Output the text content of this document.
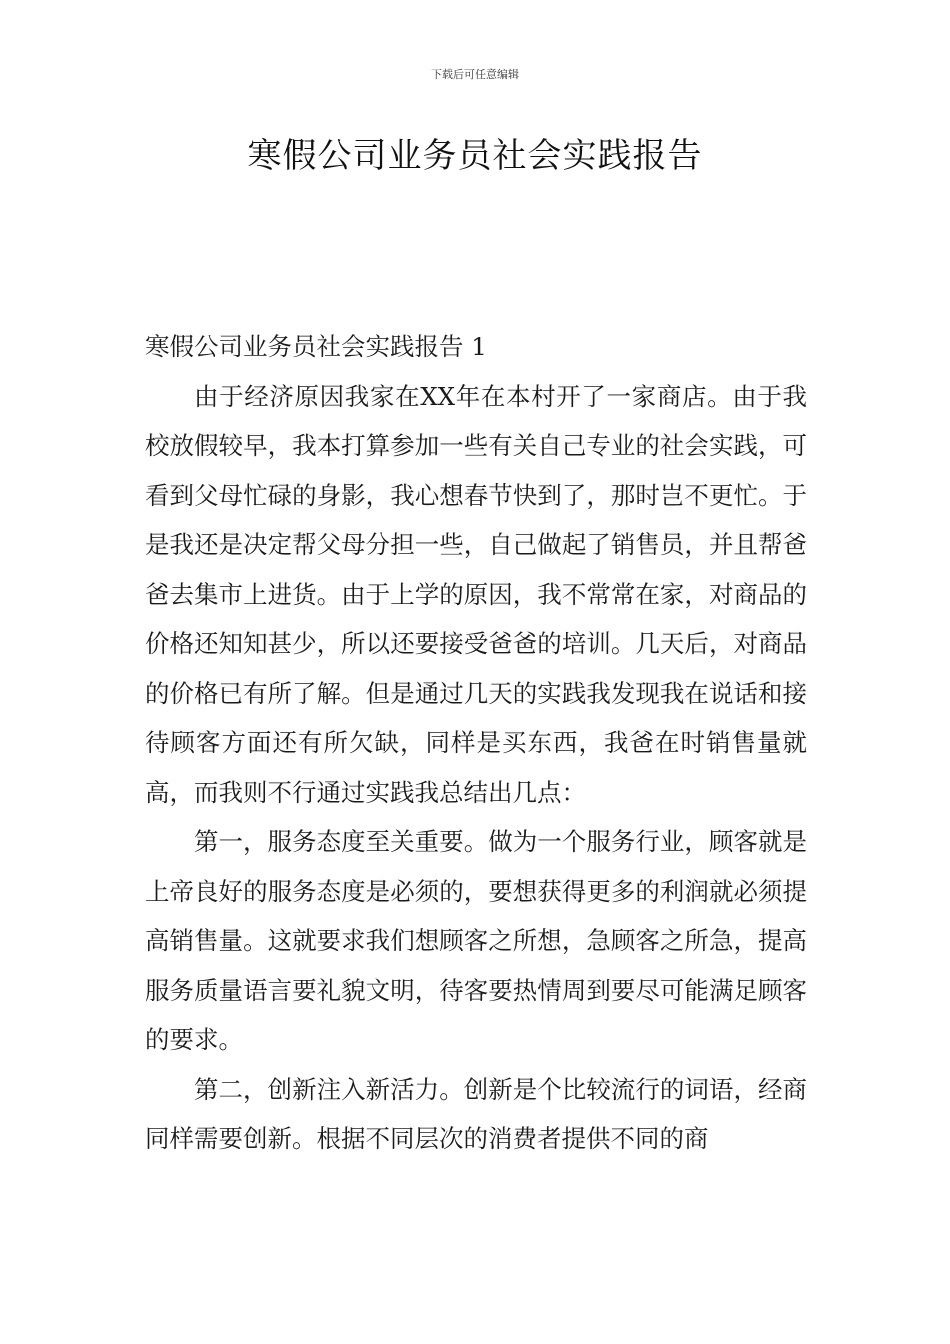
下载后可任意编辑
寒假公司业务员社会实践报告

寒假公司业务员社会实践报告 1

由于经济原因我家在XX年在本村开了一家商店。由于我校放假较早，我本打算参加一些有关自己专业的社会实践，可看到父母忙碌的身影，我心想春节快到了，那时岂不更忙。于是我还是决定帮父母分担一些，自己做起了销售员，并且帮爸爸去集市上进货。由于上学的原因，我不常常在家，对商品的价格还知知甚少，所以还要接受爸爸的培训。几天后，对商品的价格已有所了解。但是通过几天的实践我发现我在说话和接待顾客方面还有所欠缺，同样是买东西，我爸在时销售量就高，而我则不行通过实践我总结出几点：

第一，服务态度至关重要。做为一个服务行业，顾客就是上帝良好的服务态度是必须的，要想获得更多的利润就必须提高销售量。这就要求我们想顾客之所想，急顾客之所急，提高服务质量语言要礼貌文明，待客要热情周到要尽可能满足顾客的要求。

第二，创新注入新活力。创新是个比较流行的词语，经商同样需要创新。根据不同层次的消费者提供不同的商
